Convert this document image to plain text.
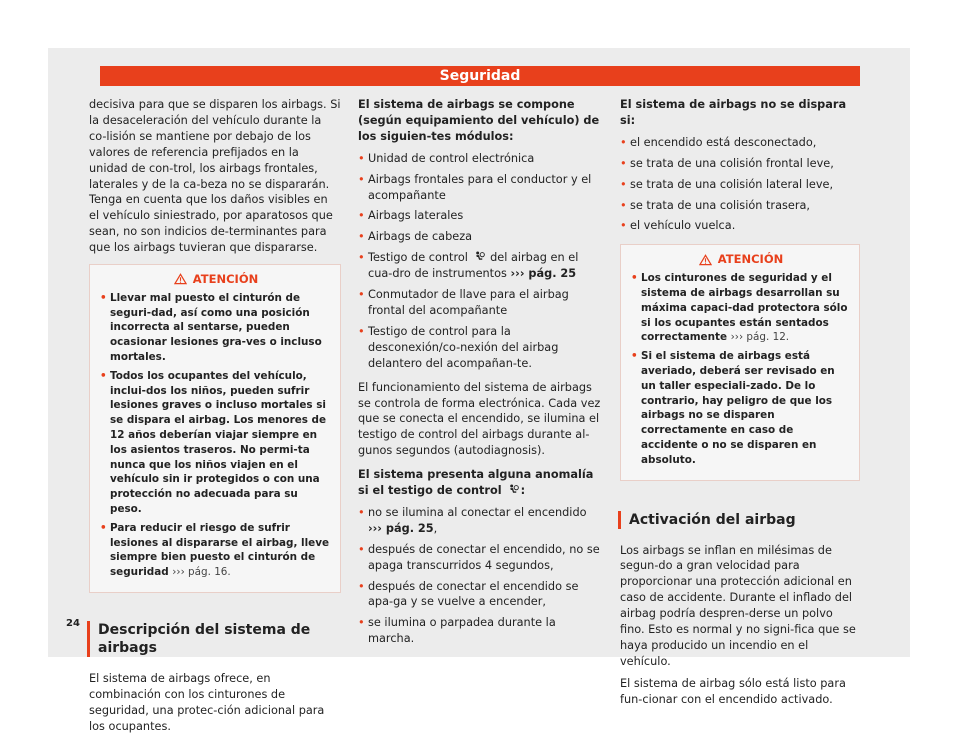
Seguridad

decisiva para que se disparen los airbags. Si la desaceleración del vehículo durante la co-lisión se mantiene por debajo de los valores de referencia prefijados en la unidad de con-trol, los airbags frontales, laterales y de la ca-beza no se dispararán. Tenga en cuenta que los daños visibles en el vehículo siniestrado, por aparatosos que sean, no son indicios de-terminantes para que los airbags tuvieran que dispararse.

ATENCIÓN
• Llevar mal puesto el cinturón de seguri-dad, así como una posición incorrecta al sentarse, pueden ocasionar lesiones gra-ves o incluso mortales.
• Todos los ocupantes del vehículo, inclui-dos los niños, pueden sufrir lesiones graves o incluso mortales si se dispara el airbag. Los menores de 12 años deberían viajar siempre en los asientos traseros. No permi-ta nunca que los niños viajen en el vehículo sin ir protegidos o con una protección no adecuada para su peso.
• Para reducir el riesgo de sufrir lesiones al dispararse el airbag, lleve siempre bien puesto el cinturón de seguridad ››› pág. 16.
Descripción del sistema de airbags

El sistema de airbags ofrece, en combinación con los cinturones de seguridad, una protec-ción adicional para los ocupantes.

El sistema de airbags se compone (según equipamiento del vehículo) de los siguien-tes módulos:

• Unidad de control electrónica
• Airbags frontales para el conductor y el acompañante
• Airbags laterales
• Airbags de cabeza
• Testigo de control del airbag en el cua-dro de instrumentos ››› pág. 25
• Conmutador de llave para el airbag frontal del acompañante
• Testigo de control para la desconexión/co-nexión del airbag delantero del acompañan-te.

El funcionamiento del sistema de airbags se controla de forma electrónica. Cada vez que se conecta el encendido, se ilumina el testigo de control del airbags durante al-gunos segundos (autodiagnosis).

El sistema presenta alguna anomalía si el testigo de control :

• no se ilumina al conectar el encendido
››› pág. 25,
• después de conectar el encendido, no se apaga transcurridos 4 segundos,
• después de conectar el encendido se apa-ga y se vuelve a encender,
• se ilumina o parpadea durante la marcha.

El sistema de airbags no se dispara si:

• el encendido está desconectado,
• se trata de una colisión frontal leve,
• se trata de una colisión lateral leve,
• se trata de una colisión trasera,
• el vehículo vuelca.
ATENCIÓN
• Los cinturones de seguridad y el sistema de airbags desarrollan su máxima capaci-dad protectora sólo si los ocupantes están sentados correctamente ››› pág. 12.
• Si el sistema de airbags está averiado, deberá ser revisado en un taller especiali-zado. De lo contrario, hay peligro de que los airbags no se disparen correctamente en caso de accidente o no se disparen en absoluto.
Activación del airbag

Los airbags se inflan en milésimas de segun-do a gran velocidad para proporcionar una protección adicional en caso de accidente. Durante el inflado del airbag podría despren-derse un polvo fino. Esto es normal y no signi-fica que se haya producido un incendio en el vehículo.

El sistema de airbag sólo está listo para fun-cionar con el encendido activado.

24
